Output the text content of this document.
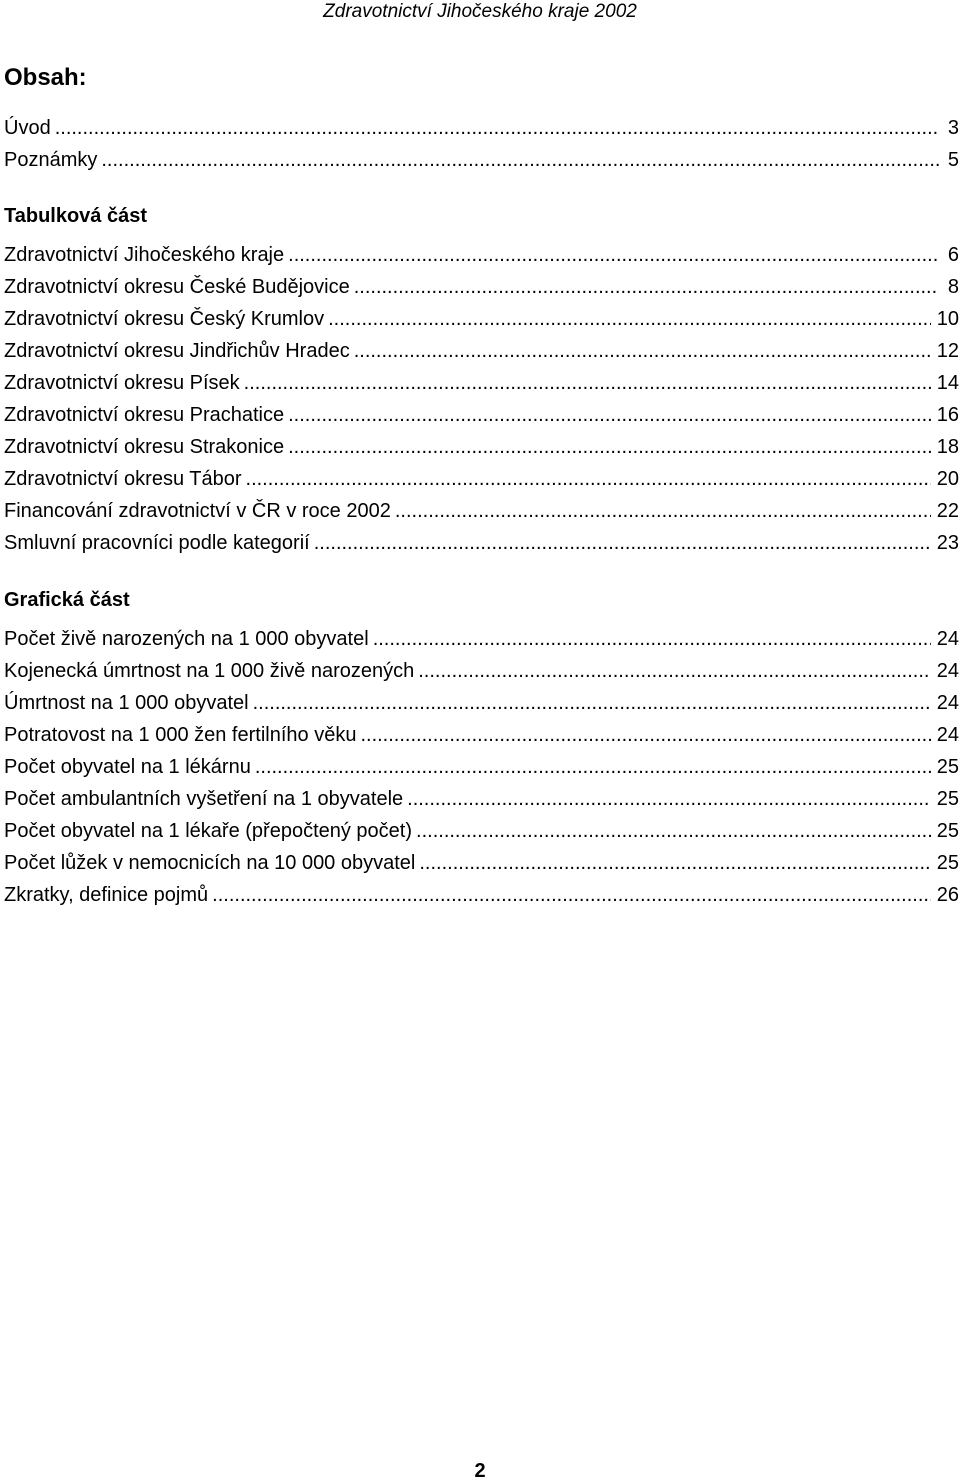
Zdravotnictví Jihočeského kraje 2002
Obsah:
Úvod .....	3
Poznámky .....	5
Tabulková část
Zdravotnictví Jihočeského kraje .....	6
Zdravotnictví okresu České Budějovice .....	8
Zdravotnictví okresu Český Krumlov .....	10
Zdravotnictví okresu Jindřichův Hradec .....	12
Zdravotnictví okresu Písek .....	14
Zdravotnictví okresu Prachatice .....	16
Zdravotnictví okresu Strakonice .....	18
Zdravotnictví okresu Tábor .....	20
Financování zdravotnictví v ČR v roce 2002 .....	22
Smluvní pracovníci podle kategorií .....	23
Grafická část
Počet živě narozených na 1 000 obyvatel .....	24
Kojenecká úmrtnost na 1 000 živě narozených .....	24
Úmrtnost na 1 000 obyvatel .....	24
Potratovost na 1 000 žen fertilního věku .....	24
Počet obyvatel na 1 lékárnu .....	25
Počet ambulantních vyšetření na 1 obyvatele .....	25
Počet obyvatel na 1 lékaře (přepočtený počet) .....	25
Počet lůžek v nemocnicích na 10 000 obyvatel .....	25
Zkratky, definice pojmů .....	26
2
